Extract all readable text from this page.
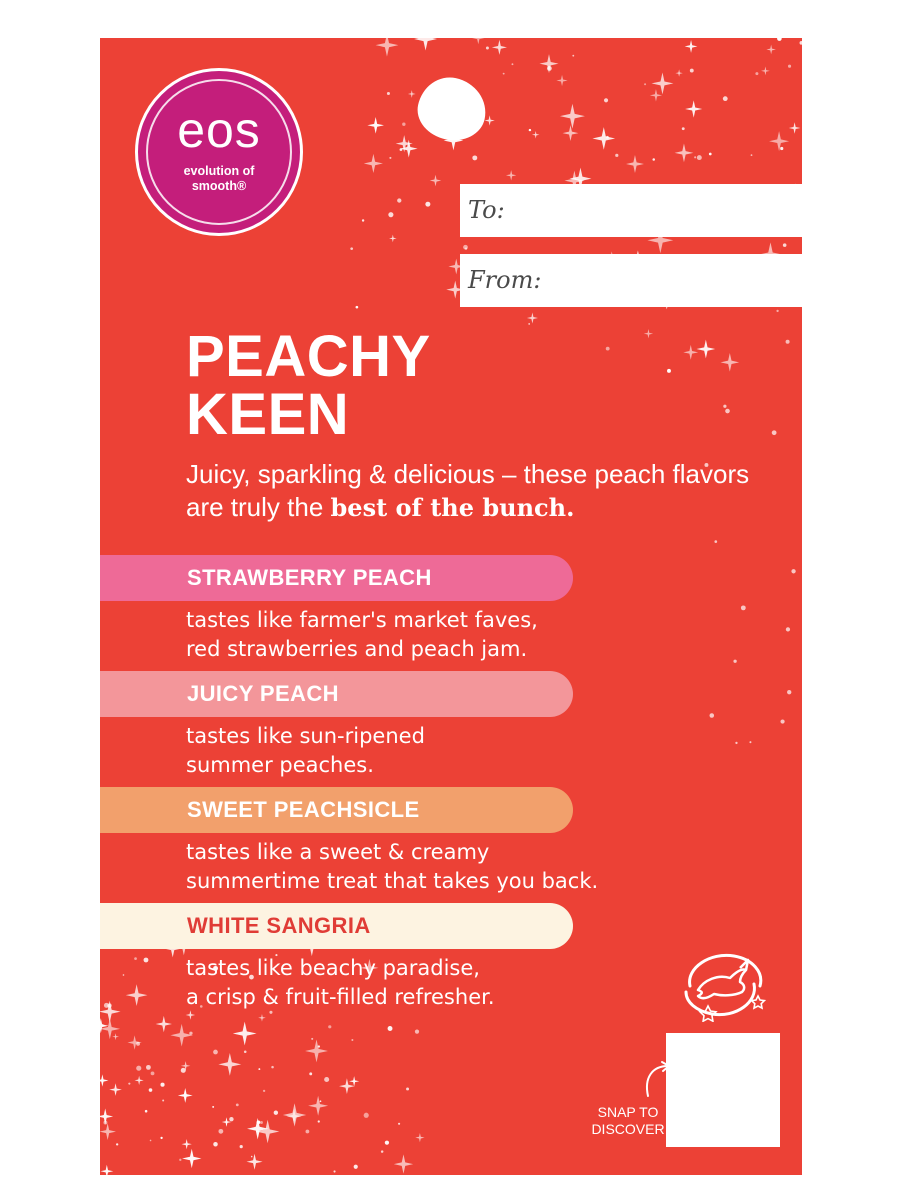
eos
evolution of
smooth®
To:
From:
PEACHY
KEEN
Juicy, sparkling & delicious – these peach flavors are truly the best of the bunch.
STRAWBERRY PEACH
tastes like farmer's market faves,
red strawberries and peach jam.
JUICY PEACH
tastes like sun-ripened
summer peaches.
SWEET PEACHSICLE
tastes like a sweet & creamy
summertime treat that takes you back.
WHITE SANGRIA
tastes like beachy paradise,
a crisp & fruit-filled refresher.
SNAP TO
DISCOVER
